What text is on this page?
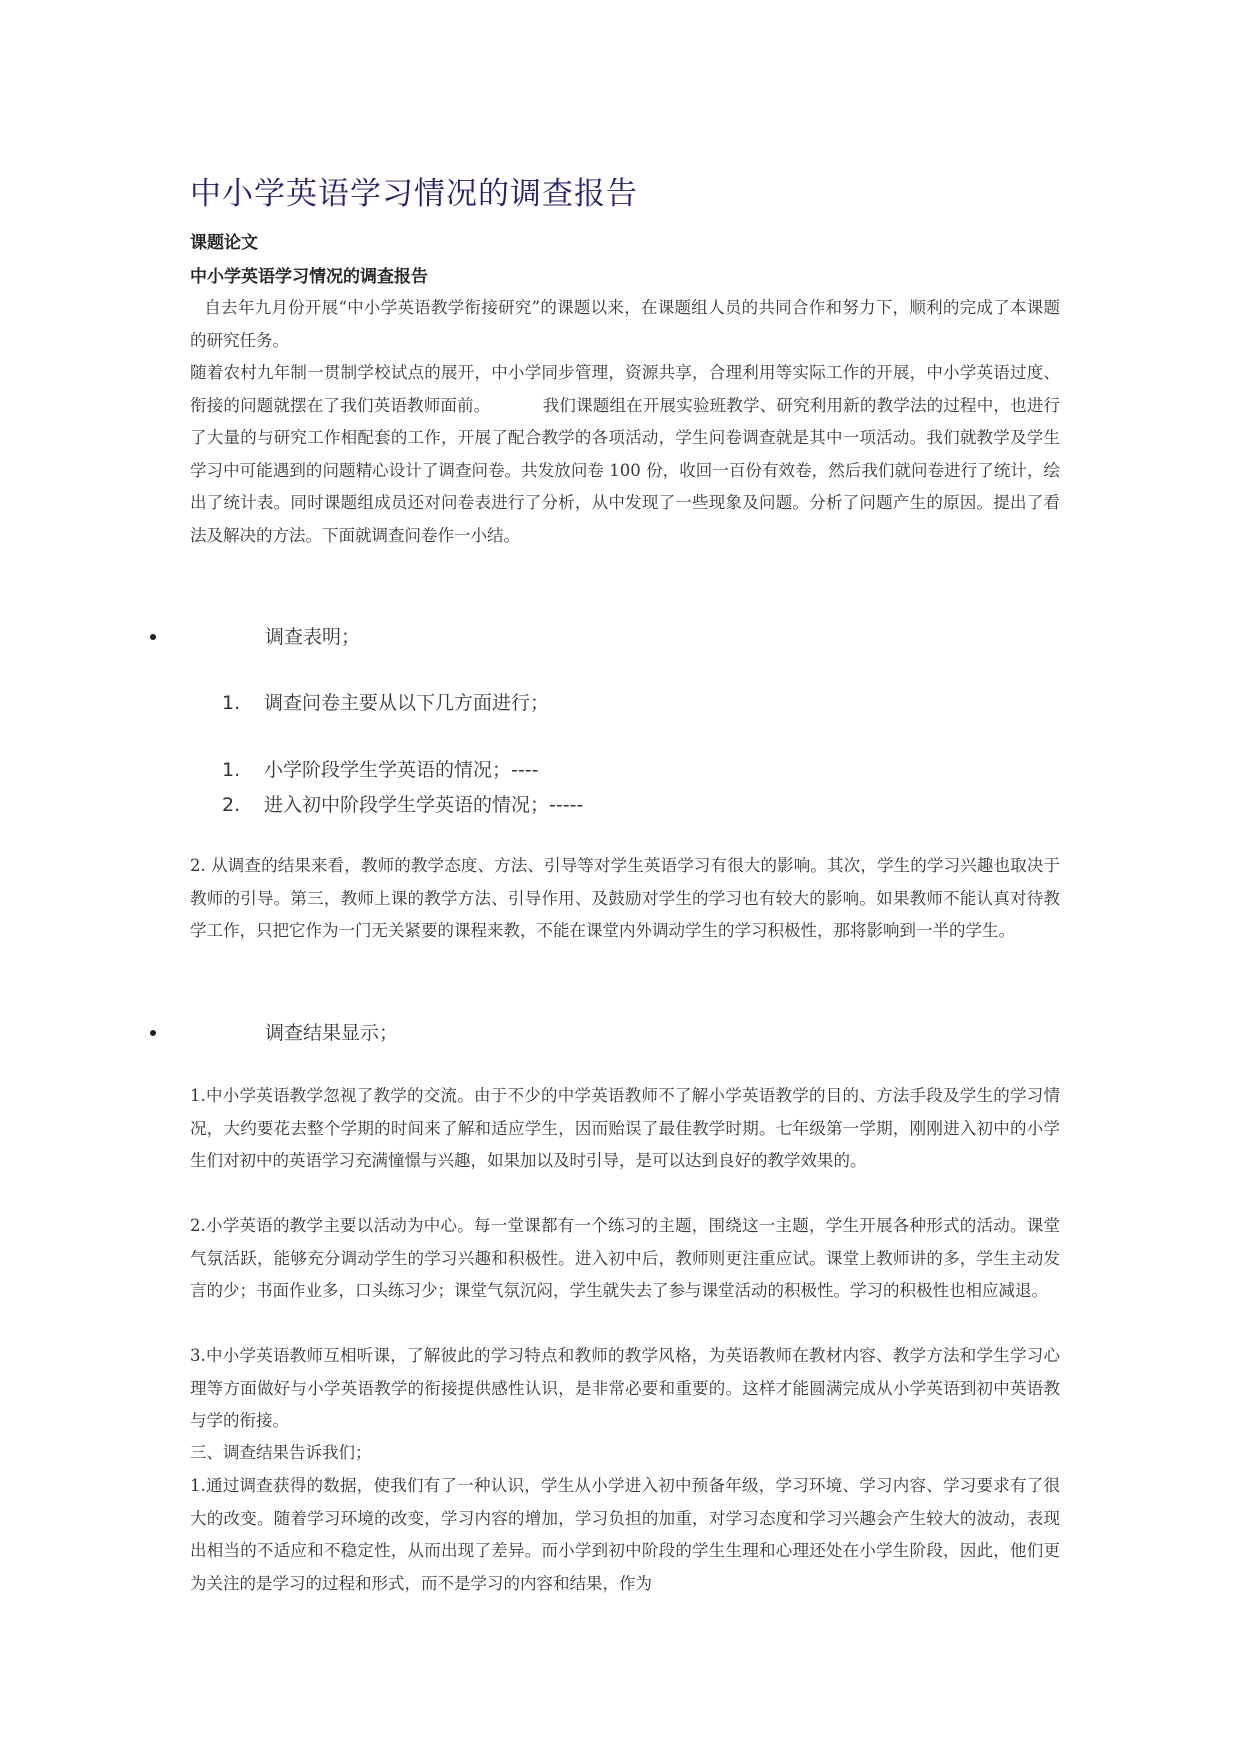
中小学英语学习情况的调查报告
课题论文
中小学英语学习情况的调查报告
自去年九月份开展“中小学英语教学衔接研究”的课题以来，在课题组人员的共同合作和努力下，顺利的完成了本课题的研究任务。
随着农村九年制一贯制学校试点的展开，中小学同步管理，资源共享，合理利用等实际工作的开展，中小学英语过度、衔接的问题就摆在了我们英语教师面前。	我们课题组在开展实验班教学、研究利用新的教学法的过程中，也进行了大量的与研究工作相配套的工作，开展了配合教学的各项活动，学生问卷调查就是其中一项活动。我们就教学及学生学习中可能遇到的问题精心设计了调查问卷。共发放问卷 100 份，收回一百份有效卷，然后我们就问卷进行了统计，绘出了统计表。同时课题组成员还对问卷表进行了分析，从中发现了一些现象及问题。分析了问题产生的原因。提出了看法及解决的方法。下面就调查问卷作一小结。
调查表明；
1. 调查问卷主要从以下几方面进行；
1. 小学阶段学生学英语的情况；----
2. 进入初中阶段学生学英语的情况；-----
2. 从调查的结果来看，教师的教学态度、方法、引导等对学生英语学习有很大的影响。其次，学生的学习兴趣也取决于教师的引导。第三，教师上课的教学方法、引导作用、及鼓励对学生的学习也有较大的影响。如果教师不能认真对待教学工作，只把它作为一门无关紧要的课程来教，不能在课堂内外调动学生的学习积极性，那将影响到一半的学生。
调查结果显示；
1.中小学英语教学忽视了教学的交流。由于不少的中学英语教师不了解小学英语教学的目的、方法手段及学生的学习情况，大约要花去整个学期的时间来了解和适应学生，因而贻误了最佳教学时期。七年级第一学期，刚刚进入初中的小学生们对初中的英语学习充满憧憬与兴趣，如果加以及时引导，是可以达到良好的教学效果的。
2.小学英语的教学主要以活动为中心。每一堂课都有一个练习的主题，围绕这一主题，学生开展各种形式的活动。课堂气氛活跃，能够充分调动学生的学习兴趣和积极性。进入初中后，教师则更注重应试。课堂上教师讲的多，学生主动发言的少；书面作业多，口头练习少；课堂气氛沉闷，学生就失去了参与课堂活动的积极性。学习的积极性也相应减退。
3.中小学英语教师互相听课，了解彼此的学习特点和教师的教学风格，为英语教师在教材内容、教学方法和学生学习心理等方面做好与小学英语教学的衔接提供感性认识，是非常必要和重要的。这样才能圆满完成从小学英语到初中英语教与学的衔接。
三、调查结果告诉我们；
1.通过调查获得的数据，使我们有了一种认识，学生从小学进入初中预备年级，学习环境、学习内容、学习要求有了很大的改变。随着学习环境的改变，学习内容的增加，学习负担的加重，对学习态度和学习兴趣会产生较大的波动，表现出相当的不适应和不稳定性，从而出现了差异。而小学到初中阶段的学生生理和心理还处在小学生阶段，因此，他们更为关注的是学习的过程和形式，而不是学习的内容和结果，作为
